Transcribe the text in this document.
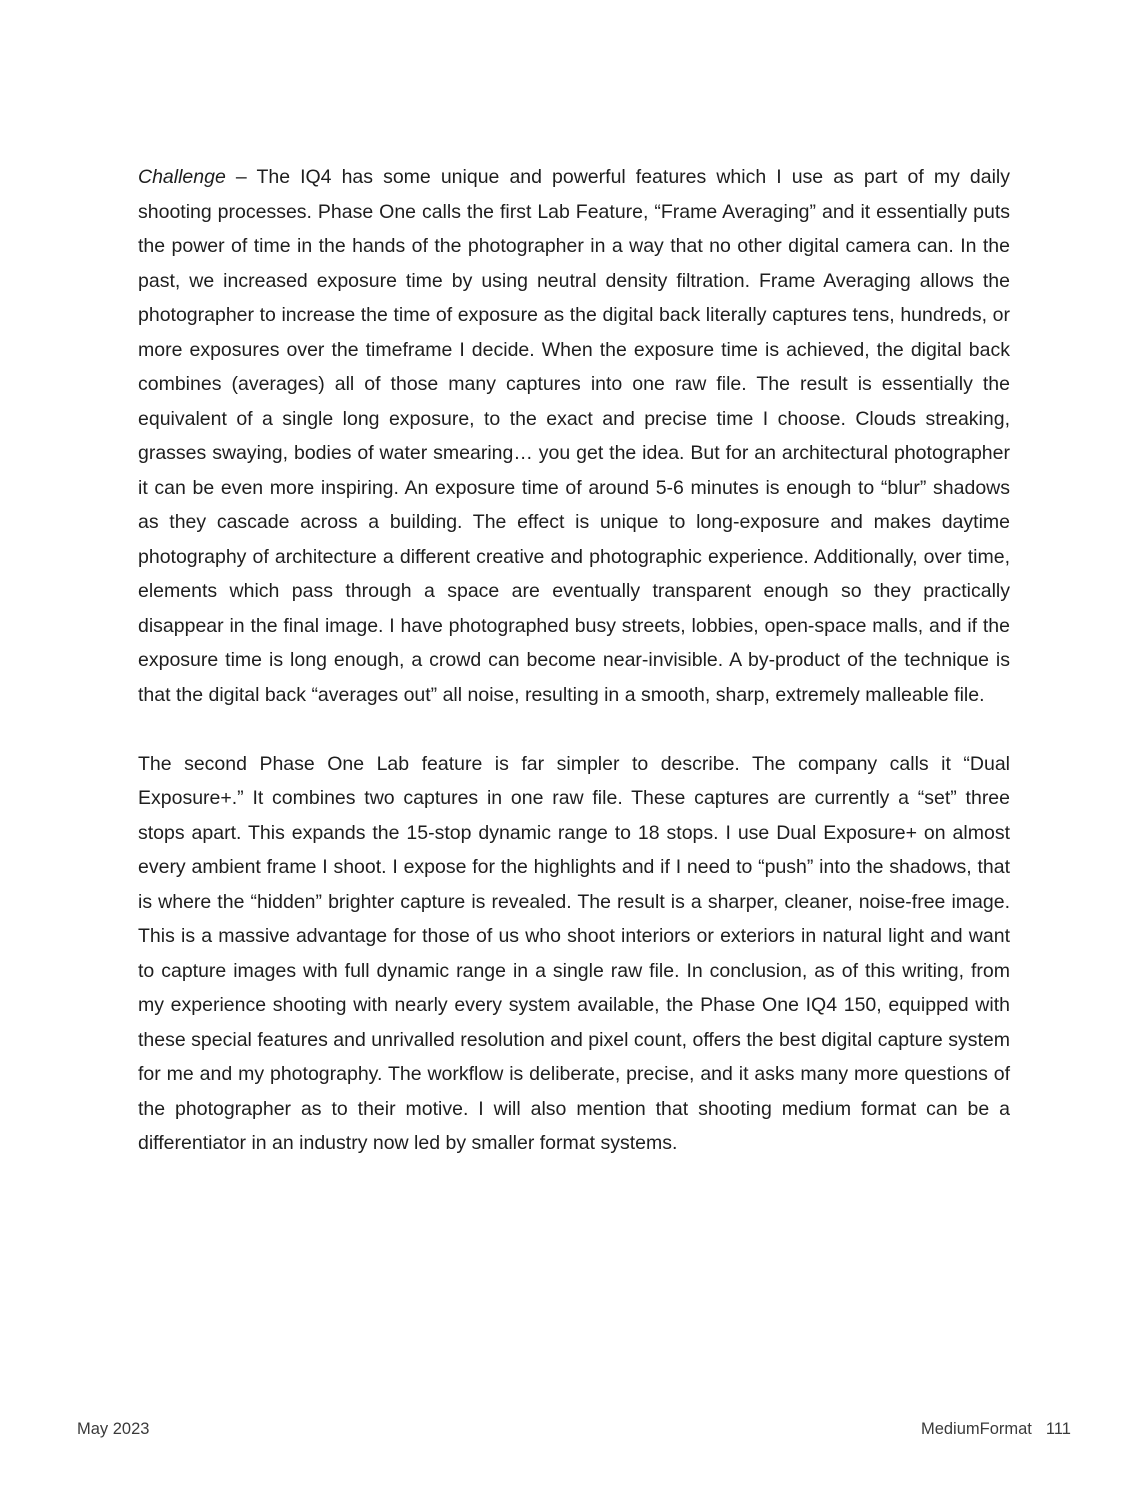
Challenge – The IQ4 has some unique and powerful features which I use as part of my daily shooting processes. Phase One calls the first Lab Feature, “Frame Averaging” and it essentially puts the power of time in the hands of the photographer in a way that no other digital camera can. In the past, we increased exposure time by using neutral density filtration. Frame Averaging allows the photographer to increase the time of exposure as the digital back literally captures tens, hundreds, or more exposures over the timeframe I decide. When the exposure time is achieved, the digital back combines (averages) all of those many captures into one raw file. The result is essentially the equivalent of a single long exposure, to the exact and precise time I choose. Clouds streaking, grasses swaying, bodies of water smearing… you get the idea. But for an architectural photographer it can be even more inspiring. An exposure time of around 5-6 minutes is enough to “blur” shadows as they cascade across a building. The effect is unique to long-exposure and makes daytime photography of architecture a different creative and photographic experience. Additionally, over time, elements which pass through a space are eventually transparent enough so they practically disappear in the final image. I have photographed busy streets, lobbies, open-space malls, and if the exposure time is long enough, a crowd can become near-invisible. A by-product of the technique is that the digital back “averages out” all noise, resulting in a smooth, sharp, extremely malleable file.

The second Phase One Lab feature is far simpler to describe. The company calls it “Dual Exposure+.” It combines two captures in one raw file. These captures are currently a “set” three stops apart. This expands the 15-stop dynamic range to 18 stops. I use Dual Exposure+ on almost every ambient frame I shoot. I expose for the highlights and if I need to “push” into the shadows, that is where the “hidden” brighter capture is revealed. The result is a sharper, cleaner, noise-free image. This is a massive advantage for those of us who shoot interiors or exteriors in natural light and want to capture images with full dynamic range in a single raw file. In conclusion, as of this writing, from my experience shooting with nearly every system available, the Phase One IQ4 150, equipped with these special features and unrivalled resolution and pixel count, offers the best digital capture system for me and my photography. The workflow is deliberate, precise, and it asks many more questions of the photographer as to their motive. I will also mention that shooting medium format can be a differentiator in an industry now led by smaller format systems.

May 2023	MediumFormat 111
